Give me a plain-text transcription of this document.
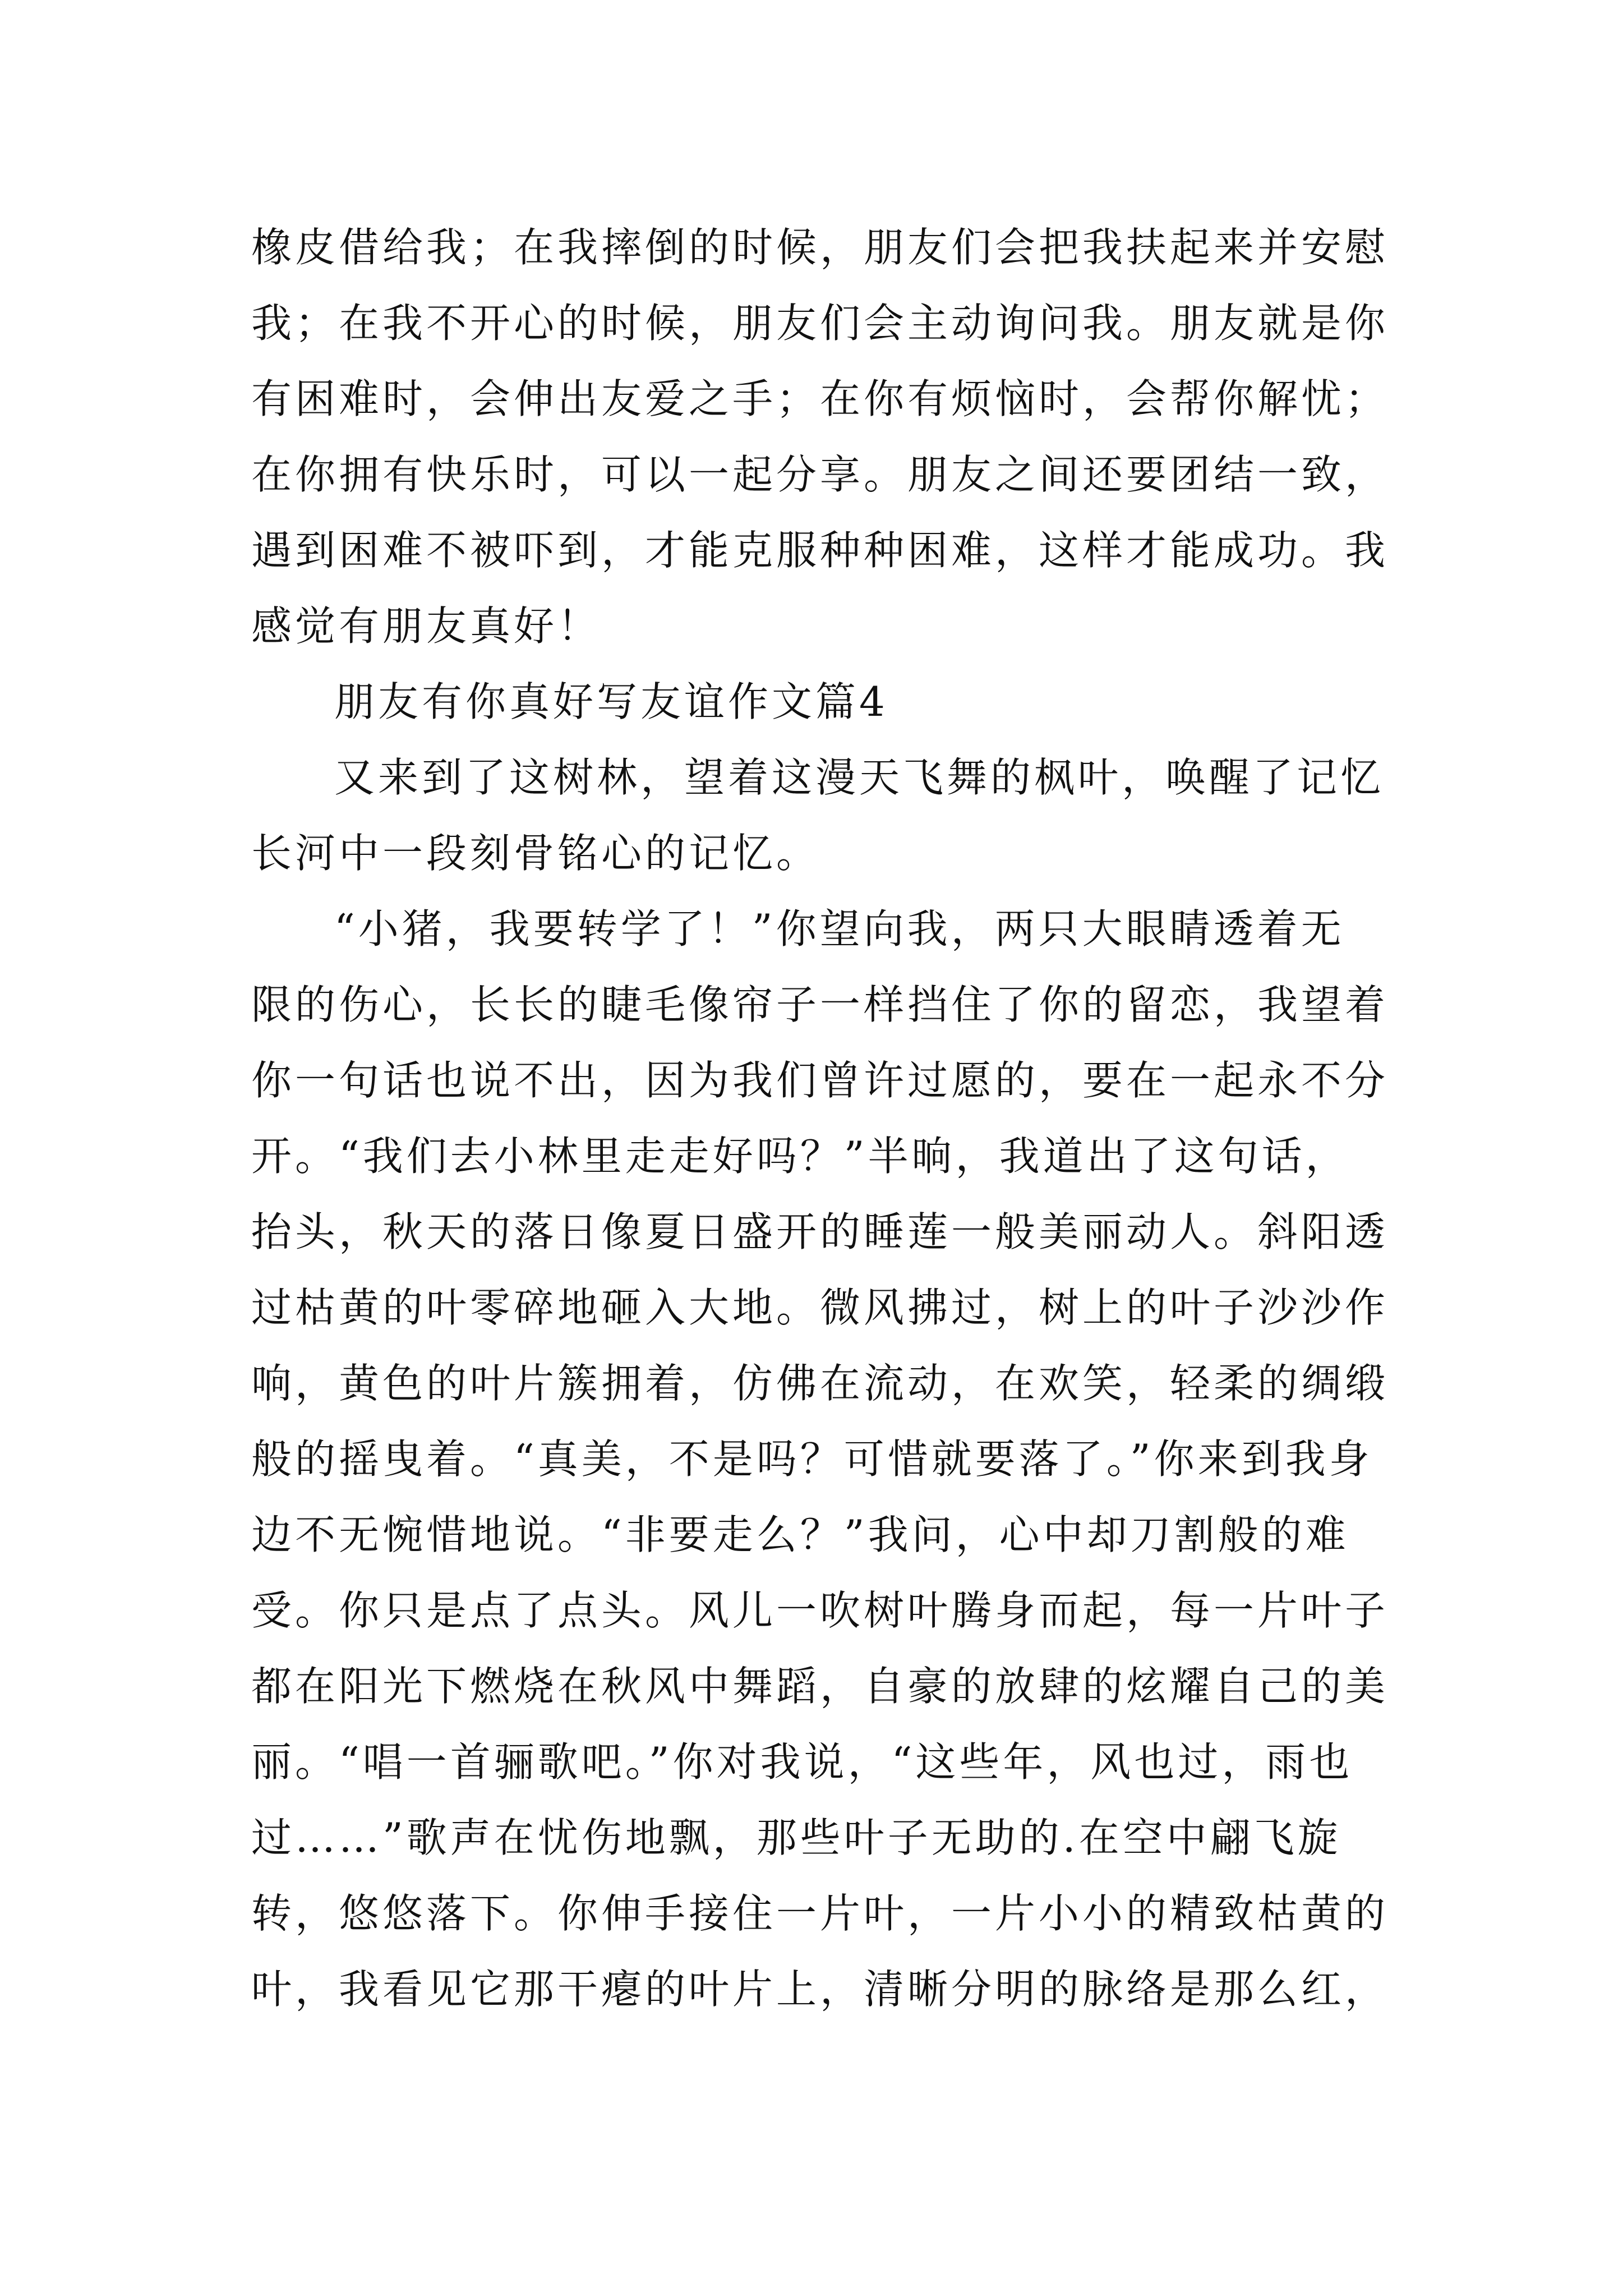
橡皮借给我；在我摔倒的时候，朋友们会把我扶起来并安慰
我；在我不开心的时候，朋友们会主动询问我。朋友就是你
有困难时，会伸出友爱之手；在你有烦恼时，会帮你解忧；
在你拥有快乐时，可以一起分享。朋友之间还要团结一致，
遇到困难不被吓到，才能克服种种困难，这样才能成功。我
感觉有朋友真好！
朋友有你真好写友谊作文篇4
又来到了这树林，望着这漫天飞舞的枫叶，唤醒了记忆
长河中一段刻骨铭心的记忆。
“小猪，我要转学了！”你望向我，两只大眼睛透着无
限的伤心，长长的睫毛像帘子一样挡住了你的留恋，我望着
你一句话也说不出，因为我们曾许过愿的，要在一起永不分
开。“我们去小林里走走好吗？”半晌，我道出了这句话，
抬头，秋天的落日像夏日盛开的睡莲一般美丽动人。斜阳透
过枯黄的叶零碎地砸入大地。微风拂过，树上的叶子沙沙作
响，黄色的叶片簇拥着，仿佛在流动，在欢笑，轻柔的绸缎
般的摇曳着。“真美，不是吗？可惜就要落了。”你来到我身
边不无惋惜地说。“非要走么？”我问，心中却刀割般的难
受。你只是点了点头。风儿一吹树叶腾身而起，每一片叶子
都在阳光下燃烧在秋风中舞蹈，自豪的放肆的炫耀自己的美
丽。“唱一首骊歌吧。”你对我说，“这些年，风也过，雨也
过……”歌声在忧伤地飘，那些叶子无助的.在空中翩飞旋
转，悠悠落下。你伸手接住一片叶，一片小小的精致枯黄的
叶，我看见它那干瘪的叶片上，清晰分明的脉络是那么红，
